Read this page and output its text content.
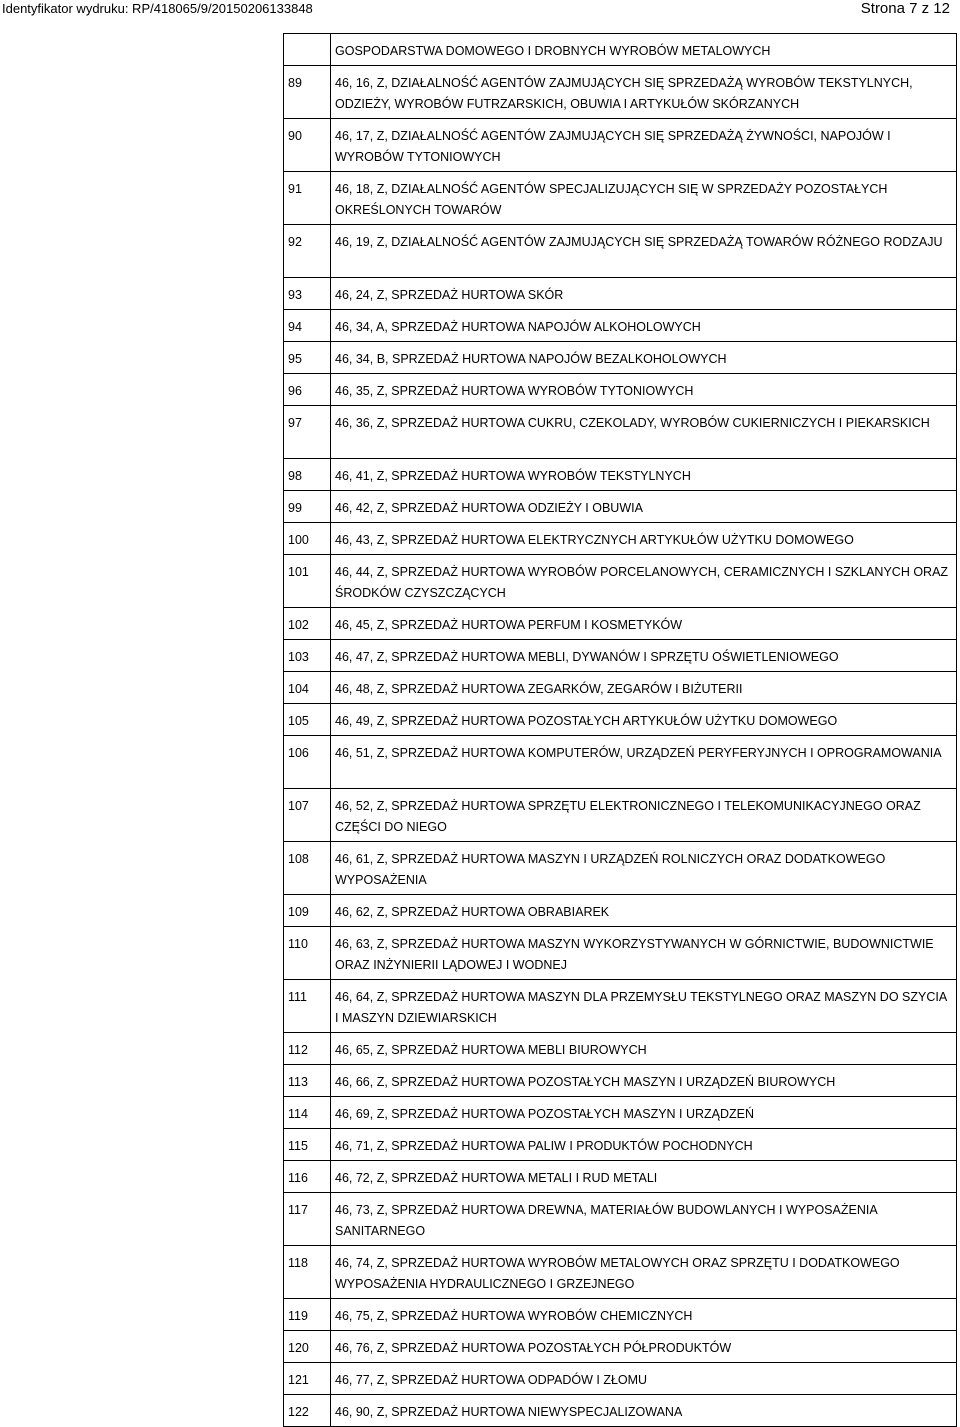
Identyfikator wydruku: RP/418065/9/20150206133848	Strona 7 z 12
	GOSPODARSTWA DOMOWEGO I DROBNYCH WYROBÓW METALOWYCH
89	46, 16, Z, DZIAŁALNOŚĆ AGENTÓW ZAJMUJĄCYCH SIĘ SPRZEDAŻĄ WYROBÓW TEKSTYLNYCH, ODZIEŻY, WYROBÓW FUTRZARSKICH, OBUWIA I ARTYKUŁÓW SKÓRZANYCH
90	46, 17, Z, DZIAŁALNOŚĆ AGENTÓW ZAJMUJĄCYCH SIĘ SPRZEDAŻĄ ŻYWNOŚCI, NAPOJÓW I WYROBÓW TYTONIOWYCH
91	46, 18, Z, DZIAŁALNOŚĆ AGENTÓW SPECJALIZUJĄCYCH SIĘ W SPRZEDAŻY POZOSTAŁYCH OKREŚLONYCH TOWARÓW
92	46, 19, Z, DZIAŁALNOŚĆ AGENTÓW ZAJMUJĄCYCH SIĘ SPRZEDAŻĄ TOWARÓW RÓŻNEGO RODZAJU
93	46, 24, Z, SPRZEDAŻ HURTOWA SKÓR
94	46, 34, A, SPRZEDAŻ HURTOWA NAPOJÓW ALKOHOLOWYCH
95	46, 34, B, SPRZEDAŻ HURTOWA NAPOJÓW BEZALKOHOLOWYCH
96	46, 35, Z, SPRZEDAŻ HURTOWA WYROBÓW TYTONIOWYCH
97	46, 36, Z, SPRZEDAŻ HURTOWA CUKRU, CZEKOLADY, WYROBÓW CUKIERNICZYCH I PIEKARSKICH
98	46, 41, Z, SPRZEDAŻ HURTOWA WYROBÓW TEKSTYLNYCH
99	46, 42, Z, SPRZEDAŻ HURTOWA ODZIEŻY I OBUWIA
100	46, 43, Z, SPRZEDAŻ HURTOWA ELEKTRYCZNYCH ARTYKUŁÓW UŻYTKU DOMOWEGO
101	46, 44, Z, SPRZEDAŻ HURTOWA WYROBÓW PORCELANOWYCH, CERAMICZNYCH I SZKLANYCH ORAZ ŚRODKÓW CZYSZCZĄCYCH
102	46, 45, Z, SPRZEDAŻ HURTOWA PERFUM I KOSMETYKÓW
103	46, 47, Z, SPRZEDAŻ HURTOWA MEBLI, DYWANÓW I SPRZĘTU OŚWIETLENIOWEGO
104	46, 48, Z, SPRZEDAŻ HURTOWA ZEGARKÓW, ZEGARÓW I BIŻUTERII
105	46, 49, Z, SPRZEDAŻ HURTOWA POZOSTAŁYCH ARTYKUŁÓW UŻYTKU DOMOWEGO
106	46, 51, Z, SPRZEDAŻ HURTOWA KOMPUTERÓW, URZĄDZEŃ PERYFERYJNYCH I OPROGRAMOWANIA
107	46, 52, Z, SPRZEDAŻ HURTOWA SPRZĘTU ELEKTRONICZNEGO I TELEKOMUNIKACYJNEGO ORAZ CZĘŚCI DO NIEGO
108	46, 61, Z, SPRZEDAŻ HURTOWA MASZYN I URZĄDZEŃ ROLNICZYCH ORAZ DODATKOWEGO WYPOSAŻENIA
109	46, 62, Z, SPRZEDAŻ HURTOWA OBRABIAREK
110	46, 63, Z, SPRZEDAŻ HURTOWA MASZYN WYKORZYSTYWANYCH W GÓRNICTWIE, BUDOWNICTWIE ORAZ INŻYNIERII LĄDOWEJ I WODNEJ
111	46, 64, Z, SPRZEDAŻ HURTOWA MASZYN DLA PRZEMYSŁU TEKSTYLNEGO ORAZ MASZYN DO SZYCIA I MASZYN DZIEWIARSKICH
112	46, 65, Z, SPRZEDAŻ HURTOWA MEBLI BIUROWYCH
113	46, 66, Z, SPRZEDAŻ HURTOWA POZOSTAŁYCH MASZYN I URZĄDZEŃ BIUROWYCH
114	46, 69, Z, SPRZEDAŻ HURTOWA POZOSTAŁYCH MASZYN I URZĄDZEŃ
115	46, 71, Z, SPRZEDAŻ HURTOWA PALIW I PRODUKTÓW POCHODNYCH
116	46, 72, Z, SPRZEDAŻ HURTOWA METALI I RUD METALI
117	46, 73, Z, SPRZEDAŻ HURTOWA DREWNA, MATERIAŁÓW BUDOWLANYCH I WYPOSAŻENIA SANITARNEGO
118	46, 74, Z, SPRZEDAŻ HURTOWA WYROBÓW METALOWYCH ORAZ SPRZĘTU I DODATKOWEGO WYPOSAŻENIA HYDRAULICZNEGO I GRZEJNEGO
119	46, 75, Z, SPRZEDAŻ HURTOWA WYROBÓW CHEMICZNYCH
120	46, 76, Z, SPRZEDAŻ HURTOWA POZOSTAŁYCH PÓŁPRODUKTÓW
121	46, 77, Z, SPRZEDAŻ HURTOWA ODPADÓW I ZŁOMU
122	46, 90, Z, SPRZEDAŻ HURTOWA NIEWYSPECJALIZOWANA
